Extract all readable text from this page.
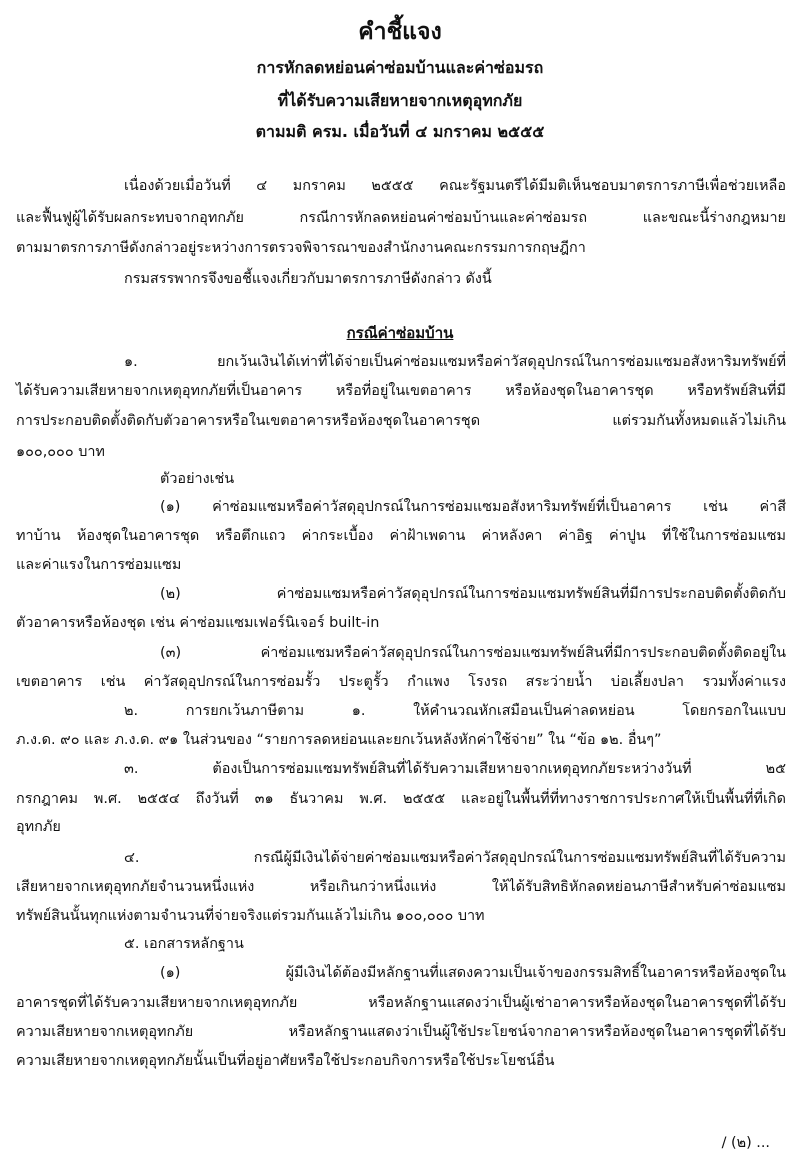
คำชี้แจง
การหักลดหย่อนค่าซ่อมบ้านและค่าซ่อมรถ
ที่ได้รับความเสียหายจากเหตุอุทกภัย
ตามมติ ครม. เมื่อวันที่ ๔ มกราคม ๒๕๕๕
เนื่องด้วยเมื่อวันที่ ๔ มกราคม ๒๕๕๕ คณะรัฐมนตรีได้มีมติเห็นชอบมาตรการภาษีเพื่อช่วยเหลือ
และฟื้นฟูผู้ได้รับผลกระทบจากอุทกภัย กรณีการหักลดหย่อนค่าซ่อมบ้านและค่าซ่อมรถ และขณะนี้ร่างกฎหมาย
ตามมาตรการภาษีดังกล่าวอยู่ระหว่างการตรวจพิจารณาของสำนักงานคณะกรรมการกฤษฎีกา
กรมสรรพากรจึงขอชี้แจงเกี่ยวกับมาตรการภาษีดังกล่าว ดังนี้
กรณีค่าซ่อมบ้าน
๑. ยกเว้นเงินได้เท่าที่ได้จ่ายเป็นค่าซ่อมแซมหรือค่าวัสดุอุปกรณ์ในการซ่อมแซมอสังหาริมทรัพย์ที่
ได้รับความเสียหายจากเหตุอุทกภัยที่เป็นอาคาร หรือที่อยู่ในเขตอาคาร หรือห้องชุดในอาคารชุด หรือทรัพย์สินที่มี
การประกอบติดตั้งติดกับตัวอาคารหรือในเขตอาคารหรือห้องชุดในอาคารชุด แต่รวมกันทั้งหมดแล้วไม่เกิน
๑๐๐,๐๐๐ บาท
ตัวอย่างเช่น
(๑) ค่าซ่อมแซมหรือค่าวัสดุอุปกรณ์ในการซ่อมแซมอสังหาริมทรัพย์ที่เป็นอาคาร เช่น ค่าสี
ทาบ้าน ห้องชุดในอาคารชุด หรือตึกแถว ค่ากระเบื้อง ค่าฝ้าเพดาน ค่าหลังคา ค่าอิฐ ค่าปูน ที่ใช้ในการซ่อมแซม
และค่าแรงในการซ่อมแซม
(๒) ค่าซ่อมแซมหรือค่าวัสดุอุปกรณ์ในการซ่อมแซมทรัพย์สินที่มีการประกอบติดตั้งติดกับ
ตัวอาคารหรือห้องชุด เช่น ค่าซ่อมแซมเฟอร์นิเจอร์ built-in
(๓) ค่าซ่อมแซมหรือค่าวัสดุอุปกรณ์ในการซ่อมแซมทรัพย์สินที่มีการประกอบติดตั้งติดอยู่ใน
เขตอาคาร เช่น ค่าวัสดุอุปกรณ์ในการซ่อมรั้ว ประตูรั้ว กำแพง โรงรถ สระว่ายน้ำ บ่อเลี้ยงปลา รวมทั้งค่าแรง
๒. การยกเว้นภาษีตาม ๑. ให้คำนวณหักเสมือนเป็นค่าลดหย่อน โดยกรอกในแบบ
ภ.ง.ด. ๙๐ และ ภ.ง.ด. ๙๑ ในส่วนของ “รายการลดหย่อนและยกเว้นหลังหักค่าใช้จ่าย” ใน “ข้อ ๑๒. อื่นๆ”
๓. ต้องเป็นการซ่อมแซมทรัพย์สินที่ได้รับความเสียหายจากเหตุอุทกภัยระหว่างวันที่ ๒๕
กรกฎาคม พ.ศ. ๒๕๕๔ ถึงวันที่ ๓๑ ธันวาคม พ.ศ. ๒๕๕๕ และอยู่ในพื้นที่ที่ทางราชการประกาศให้เป็นพื้นที่ที่เกิด
อุทกภัย
๔. กรณีผู้มีเงินได้จ่ายค่าซ่อมแซมหรือค่าวัสดุอุปกรณ์ในการซ่อมแซมทรัพย์สินที่ได้รับความ
เสียหายจากเหตุอุทกภัยจำนวนหนึ่งแห่ง หรือเกินกว่าหนึ่งแห่ง ให้ได้รับสิทธิหักลดหย่อนภาษีสำหรับค่าซ่อมแซม
ทรัพย์สินนั้นทุกแห่งตามจำนวนที่จ่ายจริงแต่รวมกันแล้วไม่เกิน ๑๐๐,๐๐๐ บาท
๕. เอกสารหลักฐาน
(๑) ผู้มีเงินได้ต้องมีหลักฐานที่แสดงความเป็นเจ้าของกรรมสิทธิ์ในอาคารหรือห้องชุดใน
อาคารชุดที่ได้รับความเสียหายจากเหตุอุทกภัย หรือหลักฐานแสดงว่าเป็นผู้เช่าอาคารหรือห้องชุดในอาคารชุดที่ได้รับ
ความเสียหายจากเหตุอุทกภัย หรือหลักฐานแสดงว่าเป็นผู้ใช้ประโยชน์จากอาคารหรือห้องชุดในอาคารชุดที่ได้รับ
ความเสียหายจากเหตุอุทกภัยนั้นเป็นที่อยู่อาศัยหรือใช้ประกอบกิจการหรือใช้ประโยชน์อื่น
/ (๒) ...
